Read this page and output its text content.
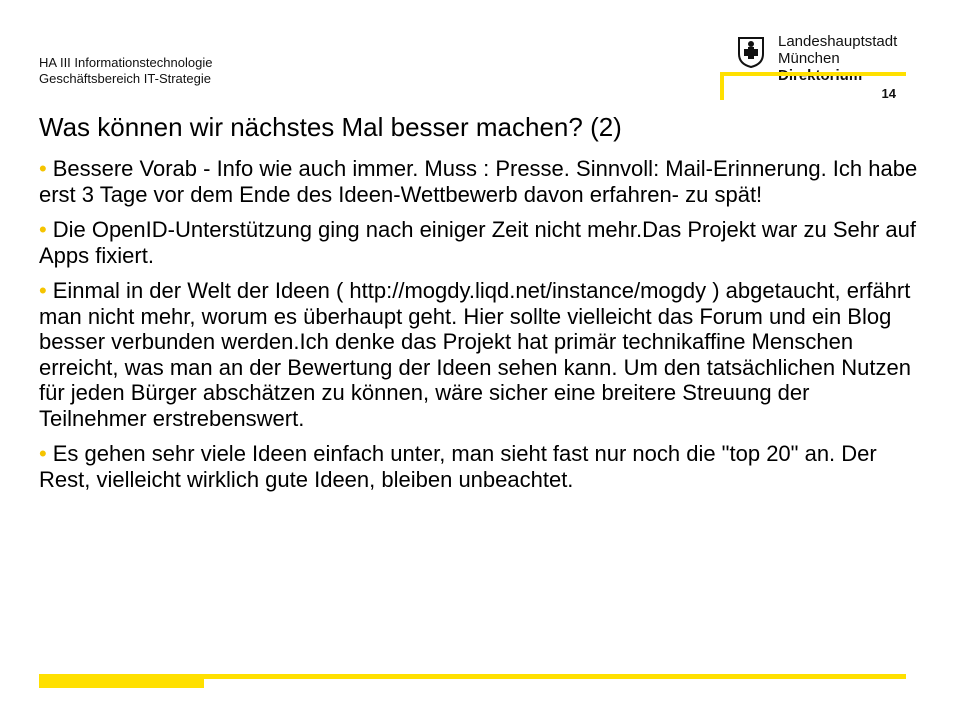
HA III Informationstechnologie
Geschäftsbereich IT-Strategie
Landeshauptstadt
München
14
Was können wir nächstes Mal besser machen? (2)
• Bessere Vorab - Info wie auch immer. Muss : Presse. Sinnvoll: Mail-Erinnerung. Ich habe erst 3 Tage vor dem Ende des Ideen-Wettbewerb davon erfahren- zu spät!
• Die OpenID-Unterstützung ging nach einiger Zeit nicht mehr.Das Projekt war zu Sehr auf Apps fixiert.
• Einmal in der Welt der Ideen ( http://mogdy.liqd.net/instance/mogdy ) abgetaucht, erfährt man nicht mehr, worum es überhaupt geht. Hier sollte vielleicht das Forum und ein Blog besser verbunden werden.Ich denke das Projekt hat primär technikaffine Menschen erreicht, was man an der Bewertung der Ideen sehen kann. Um den tatsächlichen Nutzen für jeden Bürger abschätzen zu können, wäre sicher eine breitere Streuung der Teilnehmer erstrebenswert.
• Es gehen sehr viele Ideen einfach unter, man sieht fast nur noch die "top 20" an. Der Rest, vielleicht wirklich gute Ideen, bleiben unbeachtet.
